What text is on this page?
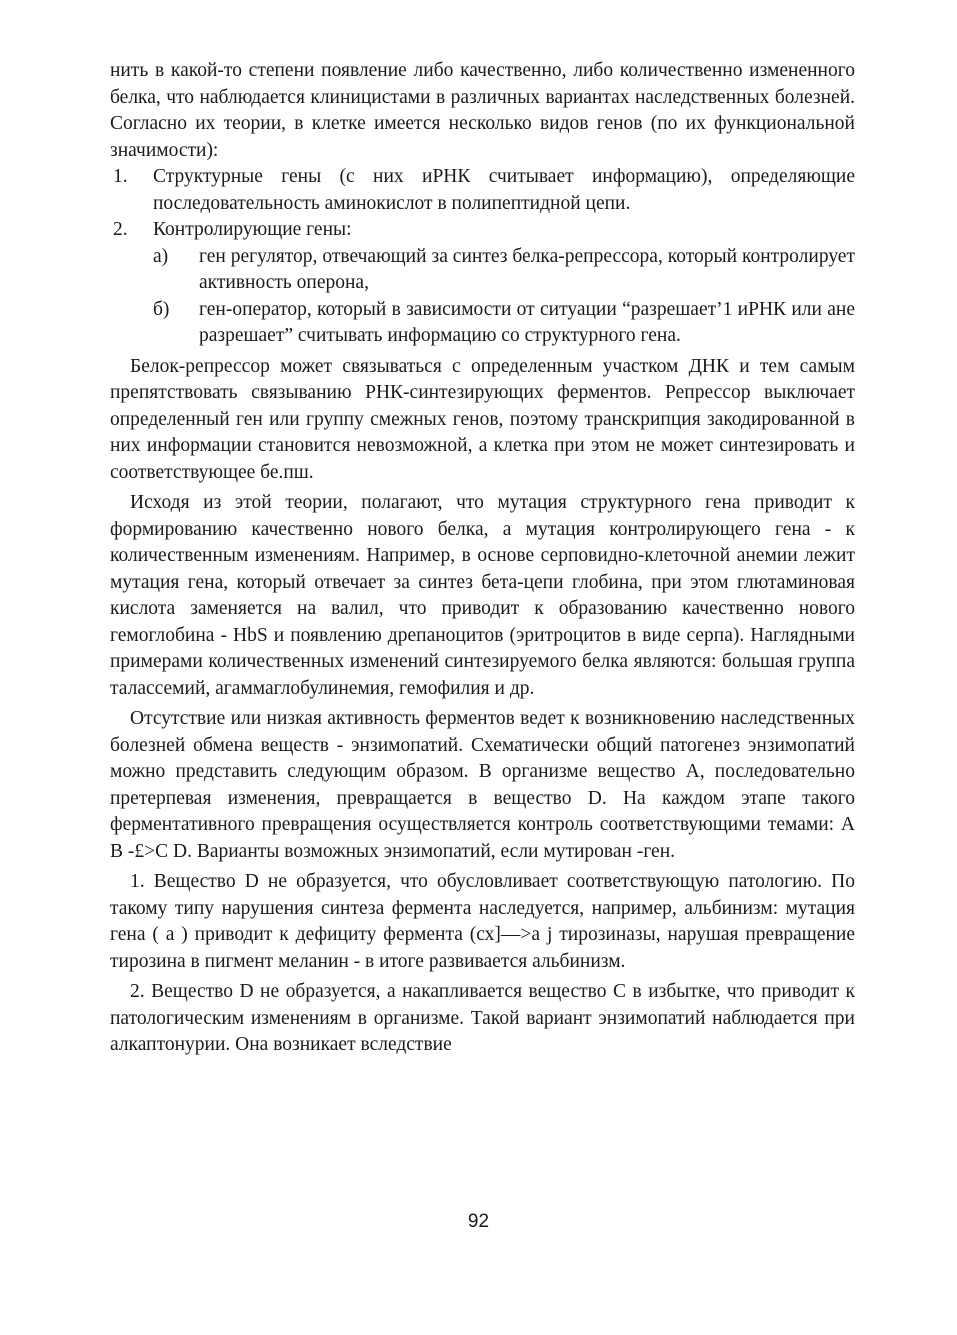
нить в какой-то степени появление либо качественно, либо количественно измененного белка, что наблюдается клиницистами в различных вариантах наследственных болезней. Согласно их теории, в клетке имеется несколько видов генов (по их функциональной значимости):

1. Структурные гены (с них иРНК считывает информацию), определяющие последовательность аминокислот в полипептидной цепи.
2. Контролирующие гены:
а) ген регулятор, отвечающий за синтез белка-репрессора, который контролирует активность оперона,
б) ген-оператор, который в зависимости от ситуации “разрешает’1 иРНК или ане разрешает” считывать информацию со структурного гена.

Белок-репрессор может связываться с определенным участком ДНК и тем самым препятствовать связыванию РНК-синтезирующих ферментов. Репрессор выключает определенный ген или группу смежных генов, поэтому транскрипция закодированной в них информации становится невозможной, а клетка при этом не может синтезировать и соответствующее бе.пш.

Исходя из этой теории, полагают, что мутация структурного гена приводит к формированию качественно нового белка, а мутация контролирующего гена - к количественным изменениям. Например, в основе серповидно-клеточной анемии лежит мутация гена, который отвечает за синтез бета-цепи глобина, при этом глютаминовая кислота заменяется на валил, что приводит к образованию качественно нового гемоглобина - HbS и появлению дрепаноцитов (эритроцитов в виде серпа). Наглядными примерами количественных изменений синтезируемого белка являются: большая группа талассемий, агаммаглобулинемия, гемофилия и др.

Отсутствие или низкая активность ферментов ведет к возникновению наследственных болезней обмена веществ - энзимопатий. Схематически общий патогенез энзимопатий можно представить следующим образом. В организме вещество А, последовательно претерпевая изменения, превращается в вещество D. На каждом этапе такого ферментативного превращения осуществляется контроль соответствующими темами: А В -£>С D. Варианты возможных энзимопатий, если мутирован -ген.

1. Вещество D не образуется, что обусловливает соответствующую патологию. По такому типу нарушения синтеза фермента наследуется, например, альбинизм: мутация гена ( а ) приводит к дефициту фермента (сх]—>а j тирозиназы, нарушая превращение тирозина в пигмент меланин - в итоге развивается альбинизм.

2. Вещество D не образуется, а накапливается вещество С в избытке, что приводит к патологическим изменениям в организме. Такой вариант энзимопатий наблюдается при алкаптонурии. Она возникает вследствие

92
